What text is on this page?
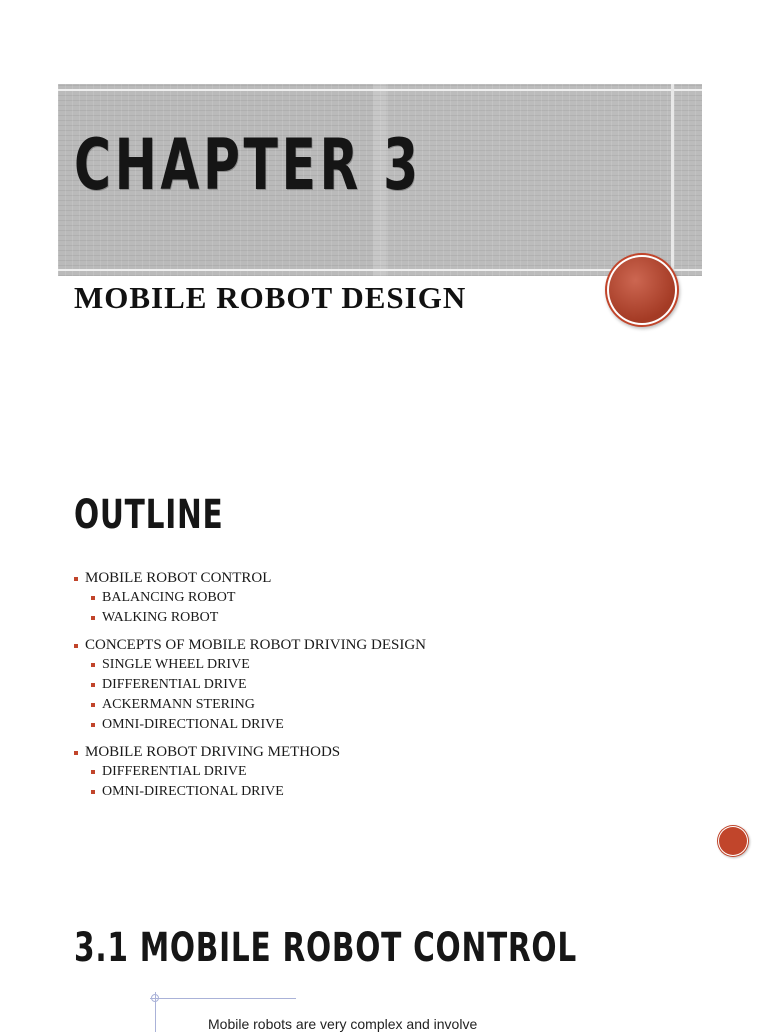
CHAPTER 3
MOBILE ROBOT DESIGN
OUTLINE
MOBILE ROBOT CONTROL
BALANCING ROBOT
WALKING ROBOT
CONCEPTS OF MOBILE ROBOT DRIVING DESIGN
SINGLE WHEEL DRIVE
DIFFERENTIAL DRIVE
ACKERMANN STERING
OMNI-DIRECTIONAL DRIVE
MOBILE ROBOT DRIVING METHODS
DIFFERENTIAL DRIVE
OMNI-DIRECTIONAL DRIVE
3.1 MOBILE ROBOT CONTROL
Mobile robots are very complex and involve
